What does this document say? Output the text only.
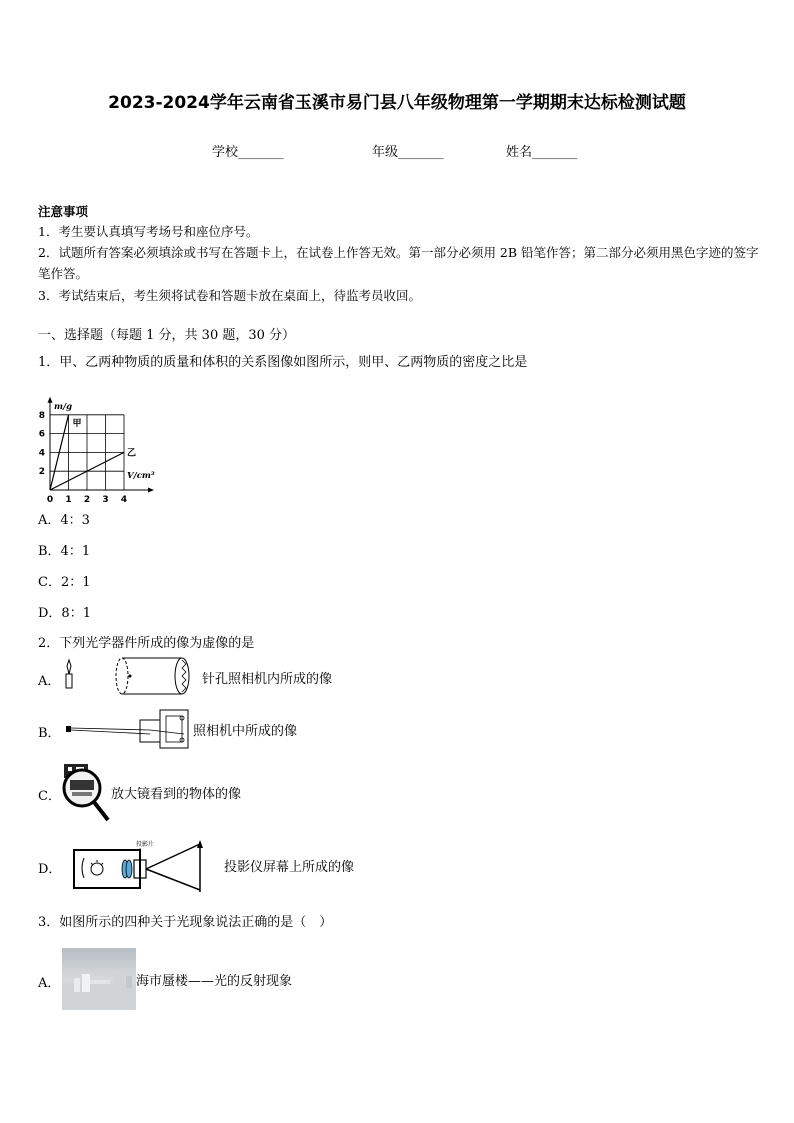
2023-2024学年云南省玉溪市易门县八年级物理第一学期期末达标检测试题
学校_______	年级_______	姓名_______
注意事项
1．考生要认真填写考场号和座位序号。
2．试题所有答案必须填涂或书写在答题卡上，在试卷上作答无效。第一部分必须用 2B 铅笔作答；第二部分必须用黑色字迹的签字笔作答。
3．考试结束后，考生须将试卷和答题卡放在桌面上，待监考员收回。
一、选择题（每题 1 分，共 30 题，30 分）
1．甲、乙两种物质的质量和体积的关系图像如图所示，则甲、乙两物质的密度之比是
0 1 2 3 4
2
4
6
8
m/g
V/cm³
甲
乙
A．4：3
B．4：1
C．2：1
D．8：1
2．下列光学器件所成的像为虚像的是
A．	针孔照相机内所成的像
B．	照相机中所成的像
C．	放大镜看到的物体的像
D．
投影片
投影仪屏幕上所成的像
3．如图所示的四种关于光现象说法正确的是（　）
A．	海市蜃楼——光的反射现象
